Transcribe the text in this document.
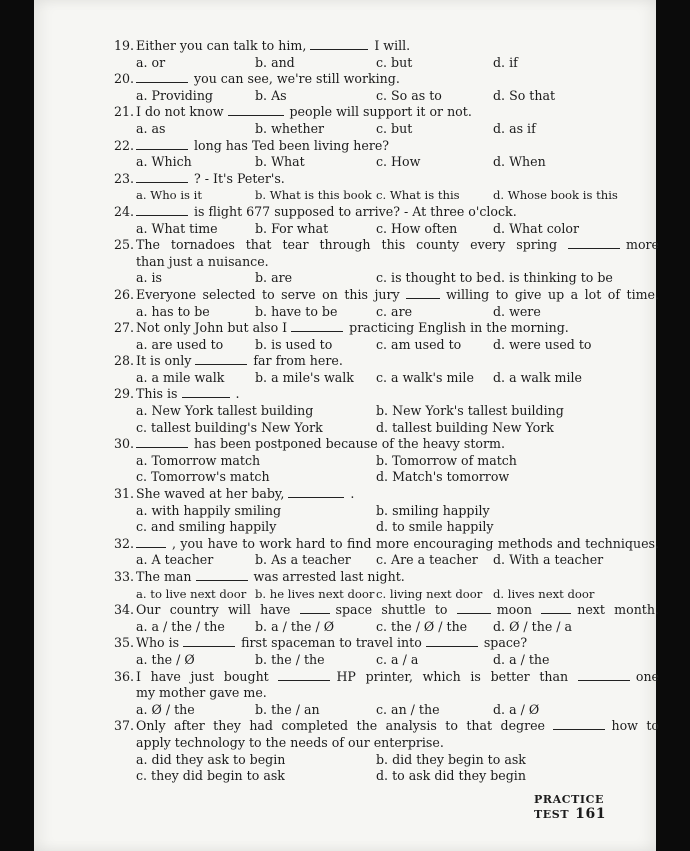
19. Either you can talk to him,	I will.
a. or	b. and	c. but	d. if
20.	you can see, we're still working.
a. Providing	b. As	c. So as to	d. So that
21. I do not know	people will support it or not.
a. as	b. whether	c. but	d. as if
22.	long has Ted been living here?
a. Which	b. What	c. How	d. When
23.	? - It's Peter's.
a. Who is it	b. What is this book c. What is this	d. Whose book is this
24.	is flight 677 supposed to arrive? - At three o'clock.
a. What time	b. For what	c. How often	d. What color
25. The tornadoes that tear through this county every spring	more
than just a nuisance.
a. is	b. are	c. is thought to be d. is thinking to be
26. Everyone selected to serve on this jury	willing to give up a lot of time.
a. has to be	b. have to be	c. are	d. were
27. Not only John but also I	practicing English in the morning.
a. are used to	b. is used to	c. am used to	d. were used to
28. It is only	far from here.
a. a mile walk	b. a mile's walk	c. a walk's mile	d. a walk mile
29. This is	.
a. New York tallest building	b. New York's tallest building
c. tallest building's New York	d. tallest building New York
30.	has been postponed because of the heavy storm.
a. Tomorrow match	b. Tomorrow of match
c. Tomorrow's match	d. Match's tomorrow
31. She waved at her baby,	.
a. with happily smiling	b. smiling happily
c. and smiling happily	d. to smile happily
32.	, you have to work hard to find more encouraging methods and techniques.
a. A teacher	b. As a teacher	c. Are a teacher	d. With a teacher
33. The man	was arrested last night.
a. to live next door b. he lives next door c. living next door d. lives next door
34. Our country will have	space shuttle to	moon	next month.
a. a / the / the	b. a / the / Ø	c. the / Ø / the	d. Ø / the / a
35. Who is	first spaceman to travel into	space?
a. the / Ø	b. the / the	c. a / a	d. a / the
36. I have just bought	HP printer, which is better than	one
my mother gave me.
a. Ø / the	b. the / an	c. an / the	d. a / Ø
37. Only after they had completed the analysis to that degree	how to
apply technology to the needs of our enterprise.
a. did they ask to begin	b. did they begin to ask
c. they did begin to ask	d. to ask did they begin
PRACTICE TEST 161
